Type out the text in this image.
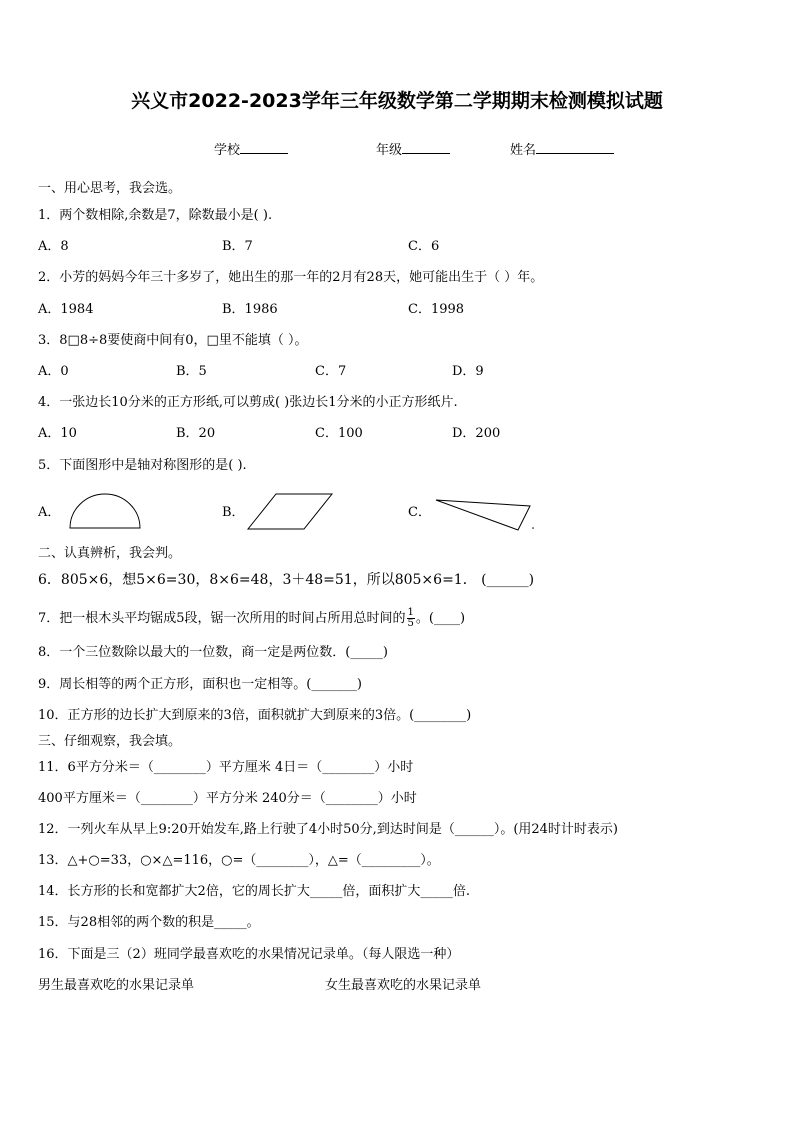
兴义市2022-2023学年三年级数学第二学期期末检测模拟试题
学校	年级	姓名
一、用心思考，我会选。
1．两个数相除,余数是7，除数最小是( ).
A．8	B．7	C．6
2．小芳的妈妈今年三十多岁了，她出生的那一年的2月有28天，她可能出生于（ ）年。
A．1984	B．1986	C．1998
3．8□8÷8要使商中间有0，□里不能填（ ）。
A．0	B．5	C．7	D．9
4．一张边长10分米的正方形纸,可以剪成( )张边长1分米的小正方形纸片.
A．10	B．20	C．100	D．200
5．下面图形中是轴对称图形的是( ).
A．	B．	C．
二、认真辨析，我会判。
6．805×6，想5×6=30，8×6=48，3＋48=51，所以805×6=1． (______)
7．把一根木头平均锯成5段，锯一次所用的时间占所用总时间的 $\frac{1}{5}$ 。(____)
8．一个三位数除以最大的一位数，商一定是两位数．(_____)
9．周长相等的两个正方形，面积也一定相等。(_______)
10．正方形的边长扩大到原来的3倍，面积就扩大到原来的3倍。(________)
三、仔细观察，我会填。
11．6平方分米＝（________）平方厘米 4日＝（________）小时
400平方厘米＝（________）平方分米 240分＝（________）小时
12．一列火车从早上9:20开始发车,路上行驶了4小时50分,到达时间是（______）。(用24时计时表示)
13．△+○=33，○×△=116，○=（________），△=（_________）。
14．长方形的长和宽都扩大2倍，它的周长扩大_____倍，面积扩大_____倍.
15．与28相邻的两个数的积是_____。
16．下面是三（2）班同学最喜欢吃的水果情况记录单。（每人限选一种）
男生最喜欢吃的水果记录单	女生最喜欢吃的水果记录单
